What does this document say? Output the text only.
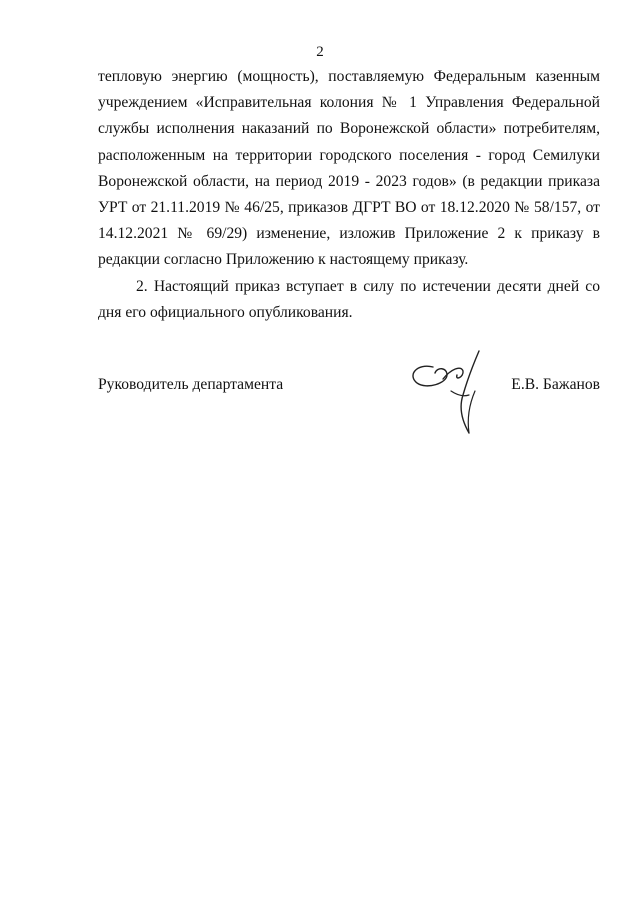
2

тепловую энергию (мощность), поставляемую Федеральным казенным учреждением «Исправительная колония № 1 Управления Федеральной службы исполнения наказаний по Воронежской области» потребителям, расположенным на территории городского поселения - город Семилуки Воронежской области, на период 2019 - 2023 годов» (в редакции приказа УРТ от 21.11.2019 № 46/25, приказов ДГРТ ВО от 18.12.2020 № 58/157, от 14.12.2021 № 69/29) изменение, изложив Приложение 2 к приказу в редакции согласно Приложению к настоящему приказу.

2. Настоящий приказ вступает в силу по истечении десяти дней со дня его официального опубликования.

Руководитель департамента	Е.В. Бажанов
